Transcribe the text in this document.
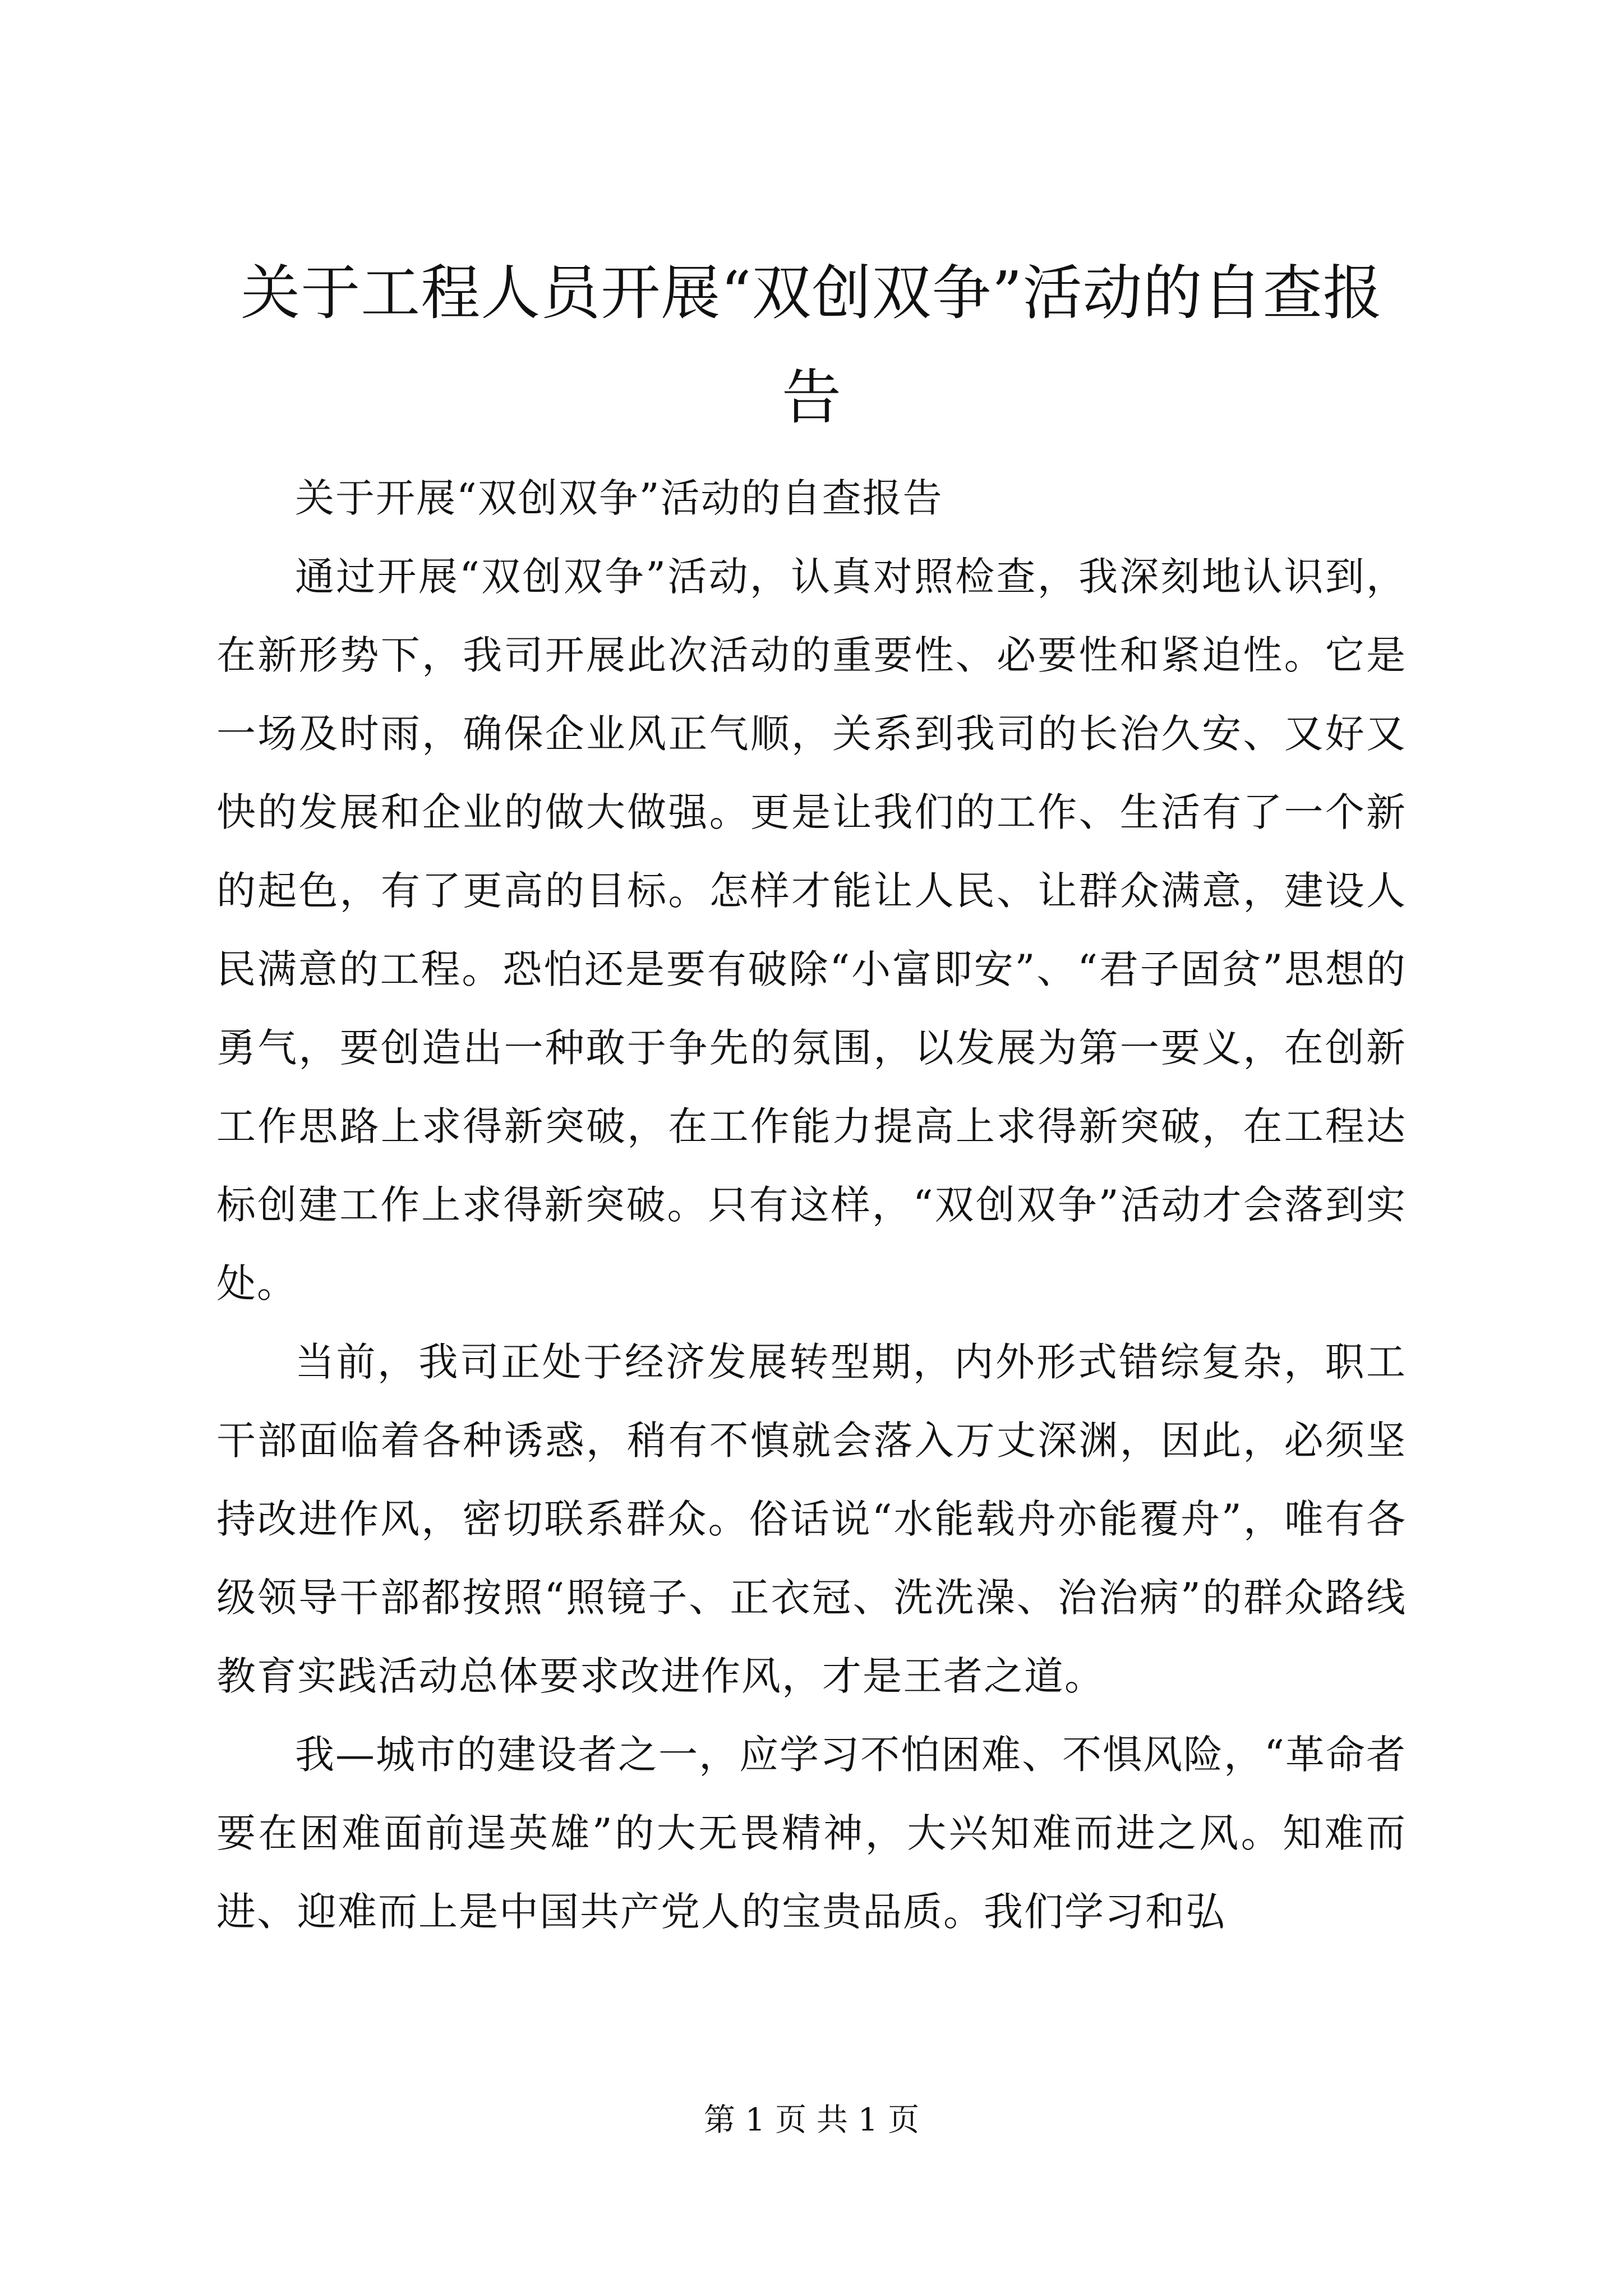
关于工程人员开展“双创双争”活动的自查报告

关于开展“双创双争”活动的自查报告

通过开展“双创双争”活动，认真对照检查，我深刻地认识到，在新形势下，我司开展此次活动的重要性、必要性和紧迫性。它是一场及时雨，确保企业风正气顺，关系到我司的长治久安、又好又快的发展和企业的做大做强。更是让我们的工作、生活有了一个新的起色，有了更高的目标。怎样才能让人民、让群众满意，建设人民满意的工程。恐怕还是要有破除“小富即安”、“君子固贫”思想的勇气，要创造出一种敢于争先的氛围，以发展为第一要义，在创新工作思路上求得新突破，在工作能力提高上求得新突破，在工程达标创建工作上求得新突破。只有这样，“双创双争”活动才会落到实处。

当前，我司正处于经济发展转型期，内外形式错综复杂，职工干部面临着各种诱惑，稍有不慎就会落入万丈深渊，因此，必须坚持改进作风，密切联系群众。俗话说“水能载舟亦能覆舟”，唯有各级领导干部都按照“照镜子、正衣冠、洗洗澡、治治病”的群众路线教育实践活动总体要求改进作风，才是王者之道。

我—城市的建设者之一，应学习不怕困难、不惧风险，“革命者要在困难面前逞英雄”的大无畏精神，大兴知难而进之风。知难而进、迎难而上是中国共产党人的宝贵品质。我们学习和弘

第 1 页 共 1 页
